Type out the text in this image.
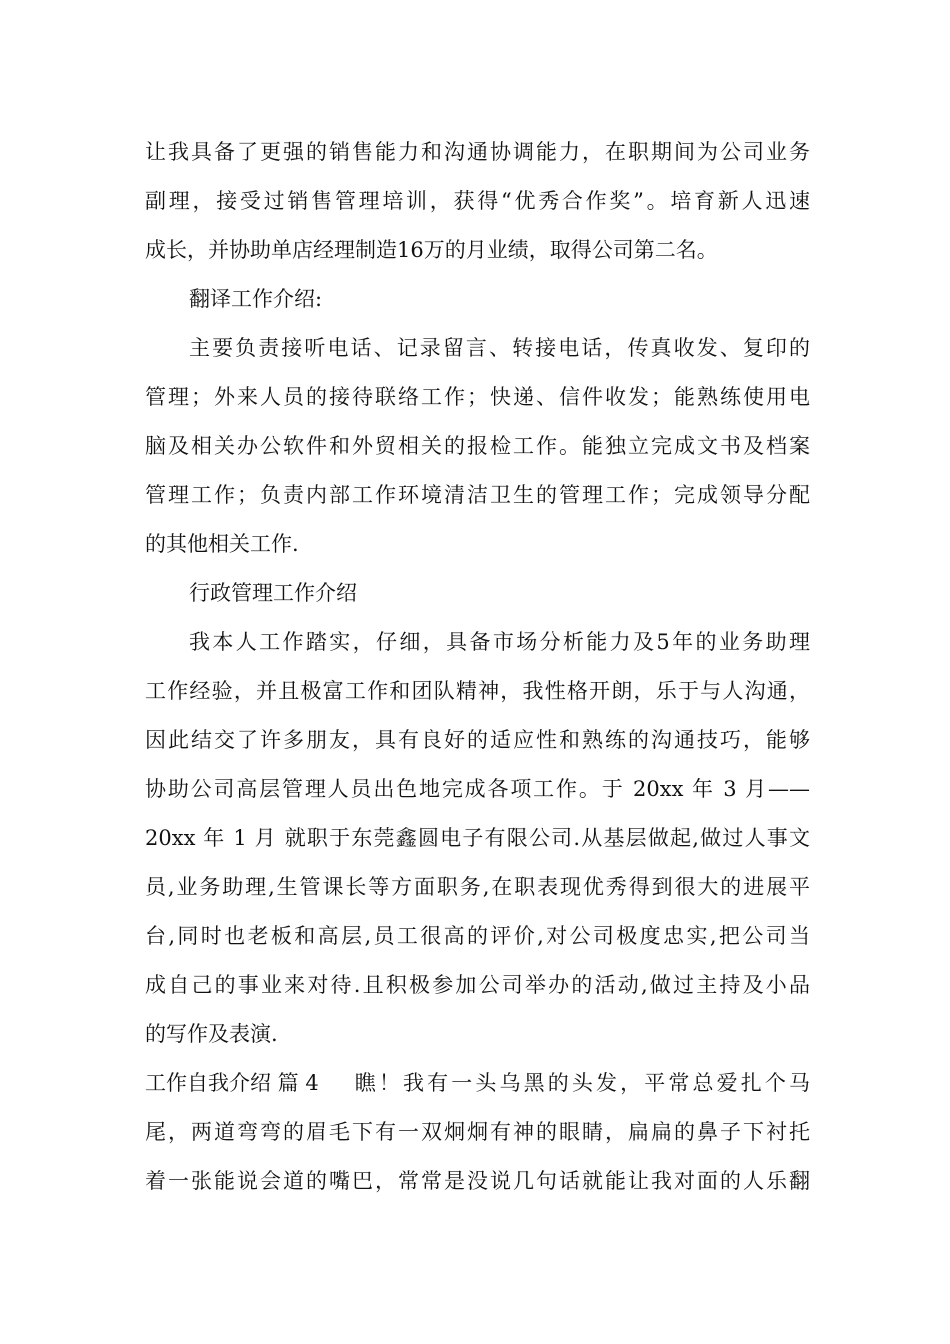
让我具备了更强的销售能力和沟通协调能力，在职期间为公司业务
副理，接受过销售管理培训，获得“优秀合作奖”。培育新人迅速
成长，并协助单店经理制造16万的月业绩，取得公司第二名。
翻译工作介绍:
主要负责接听电话、记录留言、转接电话，传真收发、复印的
管理；外来人员的接待联络工作；快递、信件收发；能熟练使用电
脑及相关办公软件和外贸相关的报检工作。能独立完成文书及档案
管理工作；负责内部工作环境清洁卫生的管理工作；完成领导分配
的其他相关工作.
行政管理工作介绍
我本人工作踏实，仔细，具备市场分析能力及5年的业务助理
工作经验，并且极富工作和团队精神，我性格开朗，乐于与人沟通，
因此结交了许多朋友，具有良好的适应性和熟练的沟通技巧，能够
协助公司高层管理人员出色地完成各项工作。于 20xx 年 3 月——
20xx 年 1 月 就职于东莞鑫圆电子有限公司.从基层做起,做过人事文
员,业务助理,生管课长等方面职务,在职表现优秀得到很大的进展平
台,同时也老板和高层,员工很高的评价,对公司极度忠实,把公司当
成自己的事业来对待.且积极参加公司举办的活动,做过主持及小品
的写作及表演.
工作自我介绍 篇 4	瞧！我有一头乌黑的头发，平常总爱扎个马
尾，两道弯弯的眉毛下有一双炯炯有神的眼睛，扁扁的鼻子下衬托
着一张能说会道的嘴巴，常常是没说几句话就能让我对面的人乐翻
